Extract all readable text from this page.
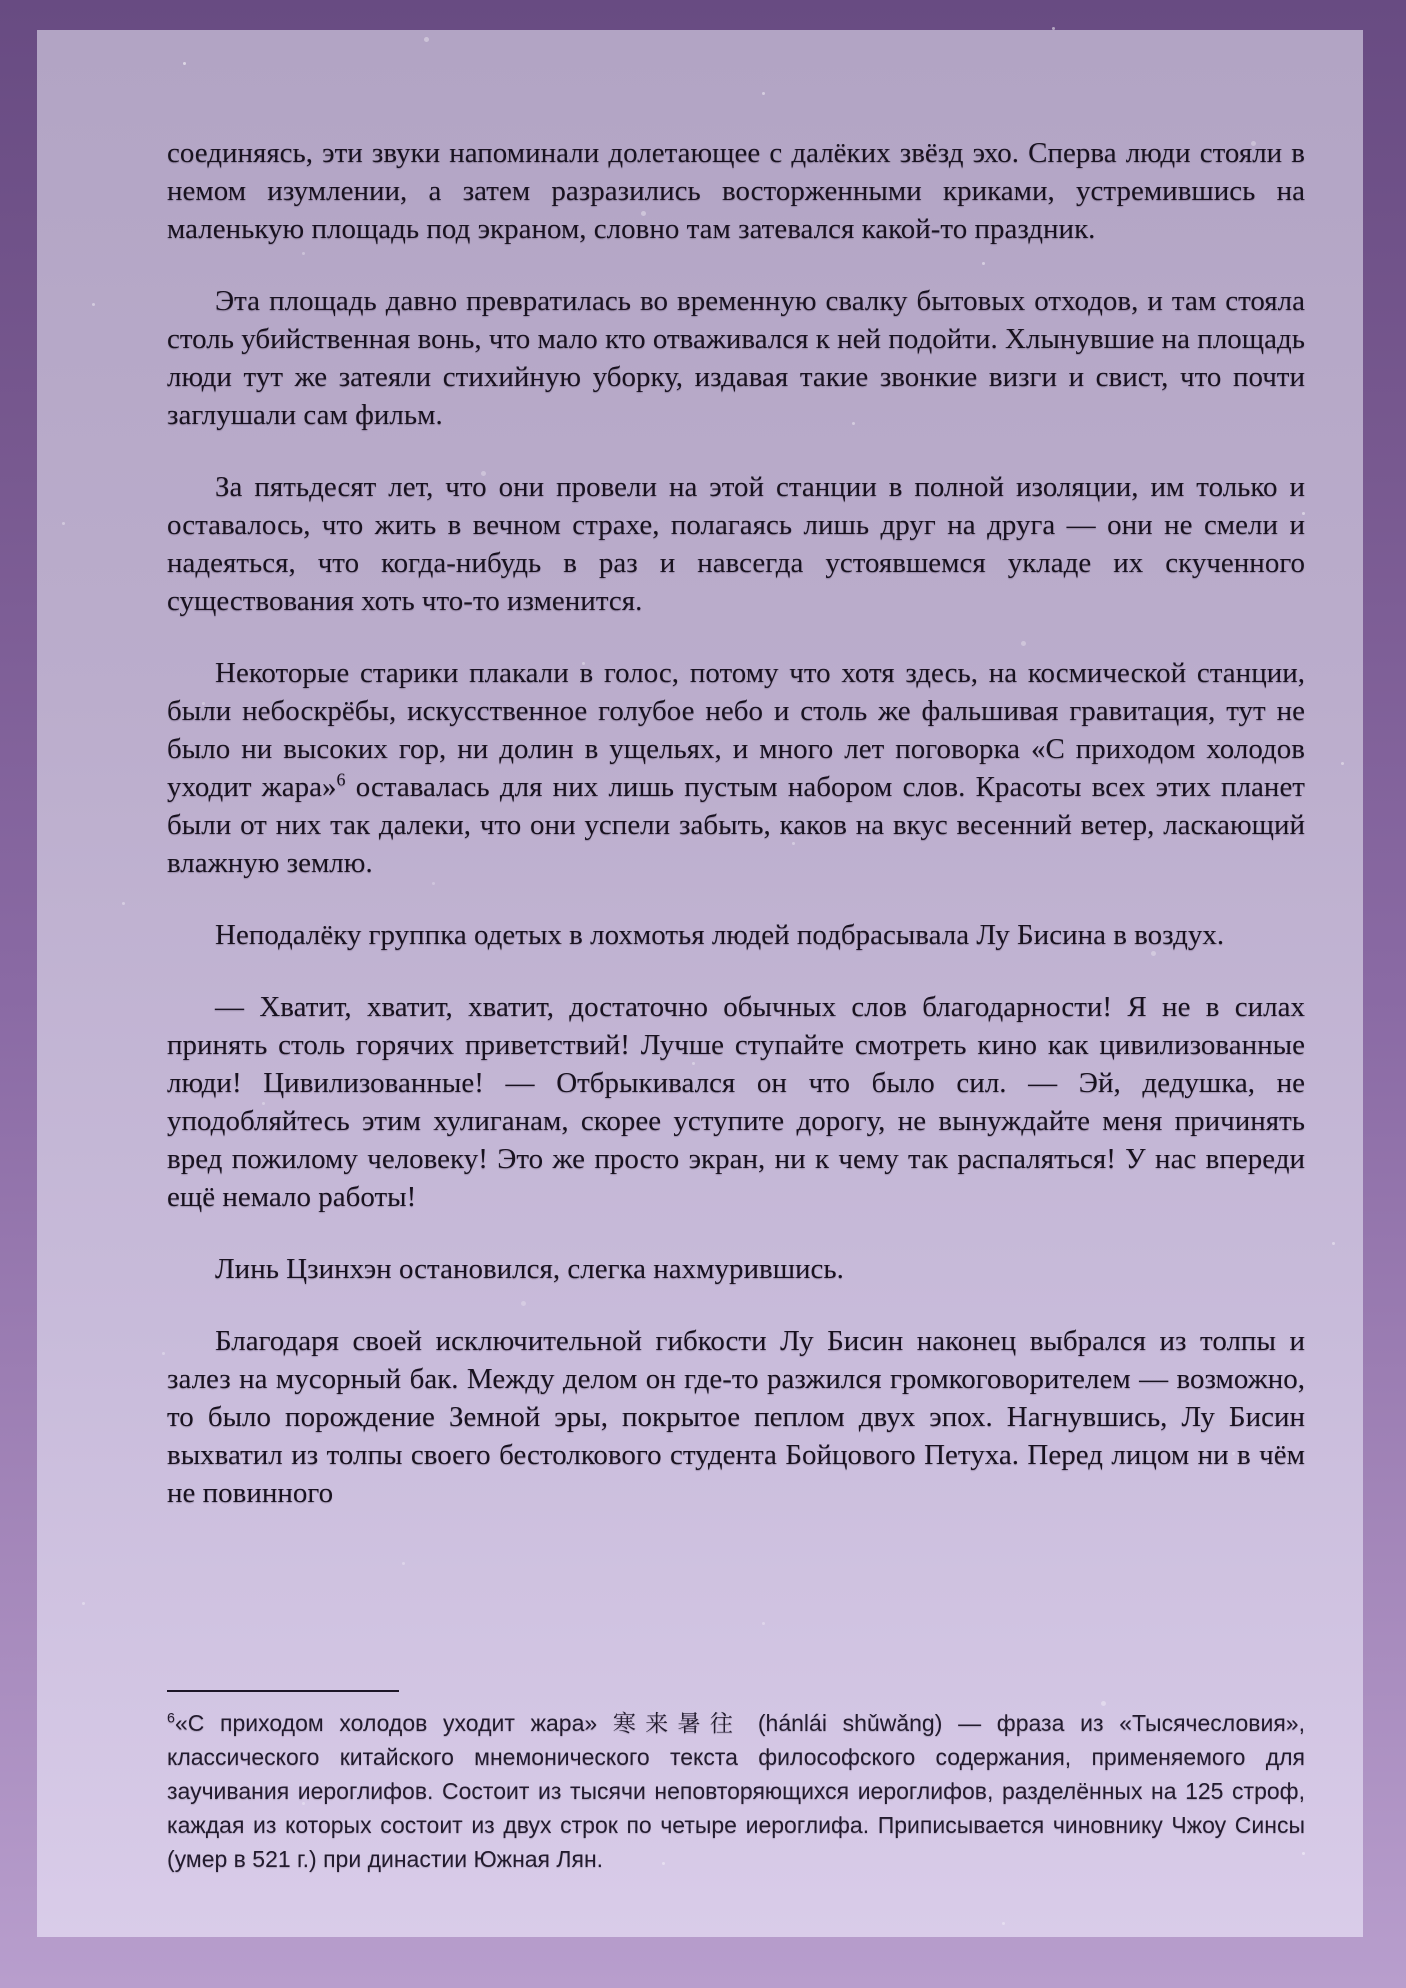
соединяясь, эти звуки напоминали долетающее с далёких звёзд эхо. Сперва люди стояли в немом изумлении, а затем разразились восторженными криками, устремившись на маленькую площадь под экраном, словно там затевался какой-то праздник.

Эта площадь давно превратилась во временную свалку бытовых отходов, и там стояла столь убийственная вонь, что мало кто отваживался к ней подойти. Хлынувшие на площадь люди тут же затеяли стихийную уборку, издавая такие звонкие визги и свист, что почти заглушали сам фильм.

За пятьдесят лет, что они провели на этой станции в полной изоляции, им только и оставалось, что жить в вечном страхе, полагаясь лишь друг на друга — они не смели и надеяться, что когда-нибудь в раз и навсегда устоявшемся укладе их скученного существования хоть что-то изменится.

Некоторые старики плакали в голос, потому что хотя здесь, на космической станции, были небоскрёбы, искусственное голубое небо и столь же фальшивая гравитация, тут не было ни высоких гор, ни долин в ущельях, и много лет поговорка «С приходом холодов уходит жара»$^6$ оставалась для них лишь пустым набором слов. Красоты всех этих планет были от них так далеки, что они успели забыть, каков на вкус весенний ветер, ласкающий влажную землю.

Неподалёку группка одетых в лохмотья людей подбрасывала Лу Бисина в воздух.

— Хватит, хватит, хватит, достаточно обычных слов благодарности! Я не в силах принять столь горячих приветствий! Лучше ступайте смотреть кино как цивилизованные люди! Цивилизованные! — Отбрыкивался он что было сил. — Эй, дедушка, не уподобляйтесь этим хулиганам, скорее уступите дорогу, не вынуждайте меня причинять вред пожилому человеку! Это же просто экран, ни к чему так распаляться! У нас впереди ещё немало работы!

Линь Цзинхэн остановился, слегка нахмурившись.

Благодаря своей исключительной гибкости Лу Бисин наконец выбрался из толпы и залез на мусорный бак. Между делом он где-то разжился громкоговорителем — возможно, то было порождение Земной эры, покрытое пеплом двух эпох. Нагнувшись, Лу Бисин выхватил из толпы своего бестолкового студента Бойцового Петуха. Перед лицом ни в чём не повинного

$^6$«С приходом холодов уходит жара» 寒来暑往 (hánlái shǔwǎng) — фраза из «Тысячесловия», классического китайского мнемонического текста философского содержания, применяемого для заучивания иероглифов. Состоит из тысячи неповторяющихся иероглифов, разделённых на 125 строф, каждая из которых состоит из двух строк по четыре иероглифа. Приписывается чиновнику Чжоу Синсы (умер в 521 г.) при династии Южная Лян.
